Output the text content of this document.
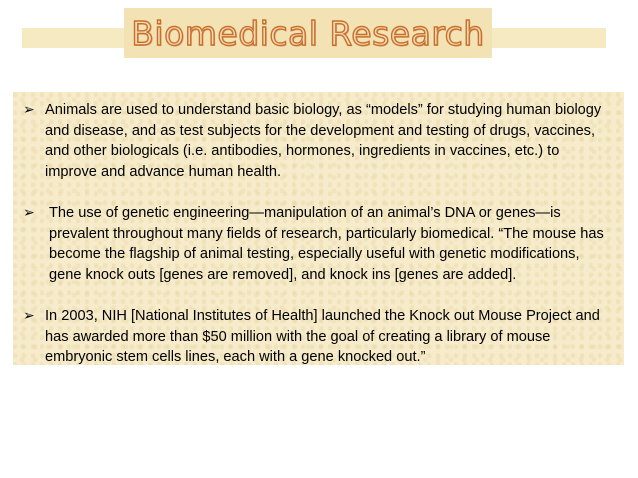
Biomedical Research
➢ Animals are used to understand basic biology, as “models” for studying human biology and disease, and as test subjects for the development and testing of drugs, vaccines, and other biologicals (i.e. antibodies, hormones, ingredients in vaccines, etc.) to improve and advance human health.
➢ The use of genetic engineering—manipulation of an animal’s DNA or genes—is prevalent throughout many fields of research, particularly biomedical. “The mouse has become the flagship of animal testing, especially useful with genetic modifications, gene knock outs [genes are removed], and knock ins [genes are added].
➢ In 2003, NIH [National Institutes of Health] launched the Knock out Mouse Project and has awarded more than $50 million with the goal of creating a library of mouse embryonic stem cells lines, each with a gene knocked out.”
